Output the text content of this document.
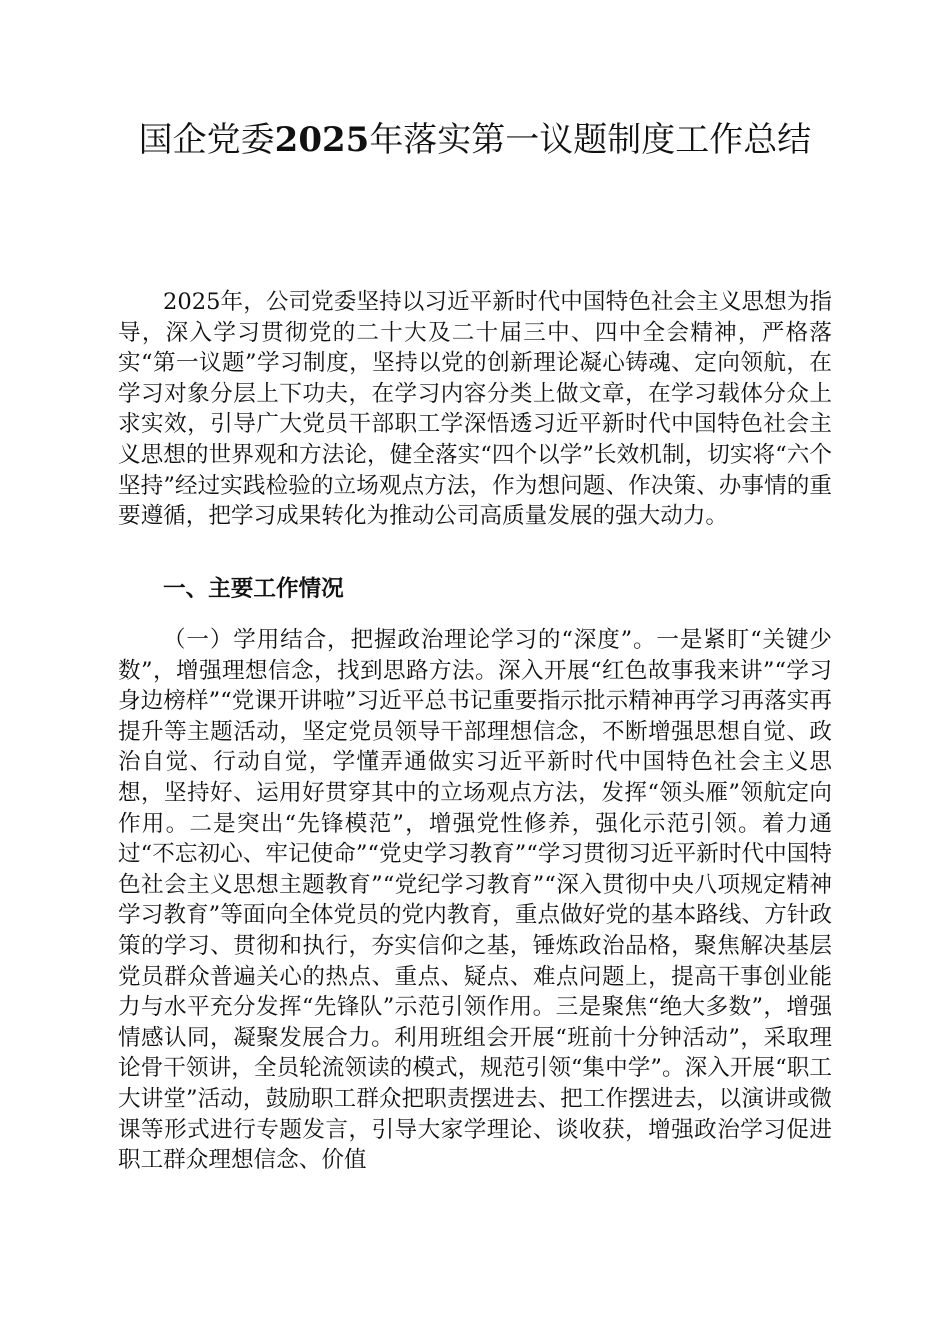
国企党委2025年落实第一议题制度工作总结

2025年，公司党委坚持以习近平新时代中国特色社会主义思想为指导，深入学习贯彻党的二十大及二十届三中、四中全会精神，严格落实“第一议题”学习制度，坚持以党的创新理论凝心铸魂、定向领航，在学习对象分层上下功夫，在学习内容分类上做文章，在学习载体分众上求实效，引导广大党员干部职工学深悟透习近平新时代中国特色社会主义思想的世界观和方法论，健全落实“四个以学”长效机制，切实将“六个坚持”经过实践检验的立场观点方法，作为想问题、作决策、办事情的重要遵循，把学习成果转化为推动公司高质量发展的强大动力。

一、主要工作情况

（一）学用结合，把握政治理论学习的“深度”。一是紧盯“关键少数”，增强理想信念，找到思路方法。深入开展“红色故事我来讲”“学习身边榜样”“党课开讲啦”习近平总书记重要指示批示精神再学习再落实再提升等主题活动，坚定党员领导干部理想信念，不断增强思想自觉、政治自觉、行动自觉，学懂弄通做实习近平新时代中国特色社会主义思想，坚持好、运用好贯穿其中的立场观点方法，发挥“领头雁”领航定向作用。二是突出“先锋模范”，增强党性修养，强化示范引领。着力通过“不忘初心、牢记使命”“党史学习教育”“学习贯彻习近平新时代中国特色社会主义思想主题教育”“党纪学习教育”“深入贯彻中央八项规定精神学习教育”等面向全体党员的党内教育，重点做好党的基本路线、方针政策的学习、贯彻和执行，夯实信仰之基，锤炼政治品格，聚焦解决基层党员群众普遍关心的热点、重点、疑点、难点问题上，提高干事创业能力与水平充分发挥“先锋队”示范引领作用。三是聚焦“绝大多数”，增强情感认同，凝聚发展合力。利用班组会开展“班前十分钟活动”，采取理论骨干领讲，全员轮流领读的模式，规范引领“集中学”。深入开展“职工大讲堂”活动，鼓励职工群众把职责摆进去、把工作摆进去，以演讲或微课等形式进行专题发言，引导大家学理论、谈收获，增强政治学习促进职工群众理想信念、价值
